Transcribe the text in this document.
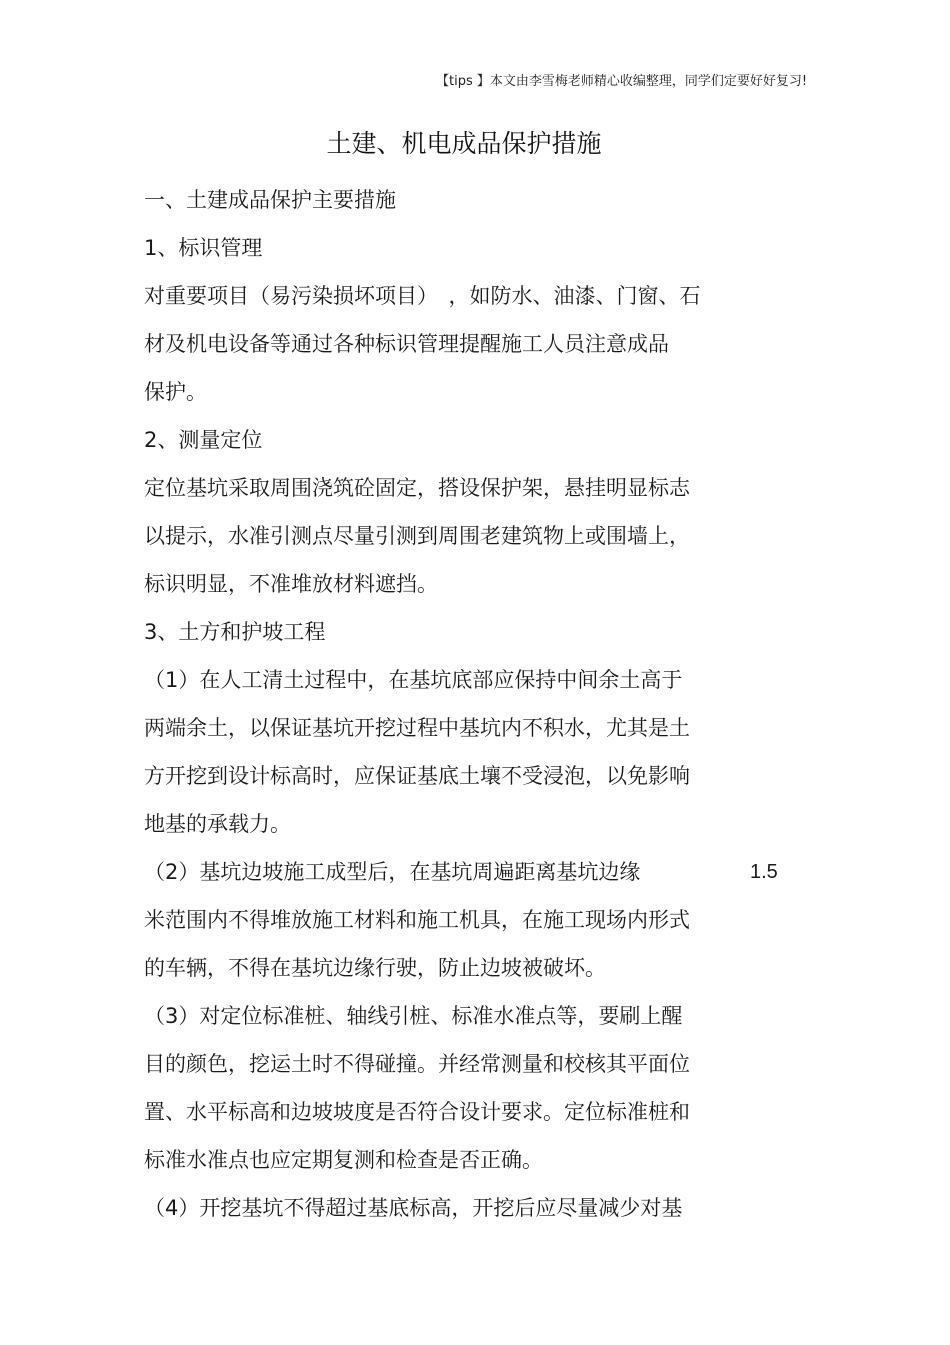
【tips 】本文由李雪梅老师精心收编整理，同学们定要好好复习!
土建、机电成品保护措施
一、土建成品保护主要措施
1、标识管理
对重要项目（易污染损坏项目）　，如防水、油漆、门窗、石
材及机电设备等通过各种标识管理提醒施工人员注意成品
保护。
2、测量定位
定位基坑采取周围浇筑砼固定，搭设保护架，悬挂明显标志
以提示，水准引测点尽量引测到周围老建筑物上或围墙上，
标识明显，不准堆放材料遮挡。
3、土方和护坡工程
（1）在人工清土过程中，在基坑底部应保持中间余土高于
两端余土，以保证基坑开挖过程中基坑内不积水，尤其是土
方开挖到设计标高时，应保证基底土壤不受浸泡，以免影响
地基的承载力。
（2）基坑边坡施工成型后，在基坑周遍距离基坑边缘	1.5
米范围内不得堆放施工材料和施工机具，在施工现场内形式
的车辆，不得在基坑边缘行驶，防止边坡被破坏。
（3）对定位标准桩、轴线引桩、标准水准点等，要刷上醒
目的颜色，挖运土时不得碰撞。并经常测量和校核其平面位
置、水平标高和边坡坡度是否符合设计要求。定位标准桩和
标准水准点也应定期复测和检查是否正确。
（4）开挖基坑不得超过基底标高，开挖后应尽量减少对基
